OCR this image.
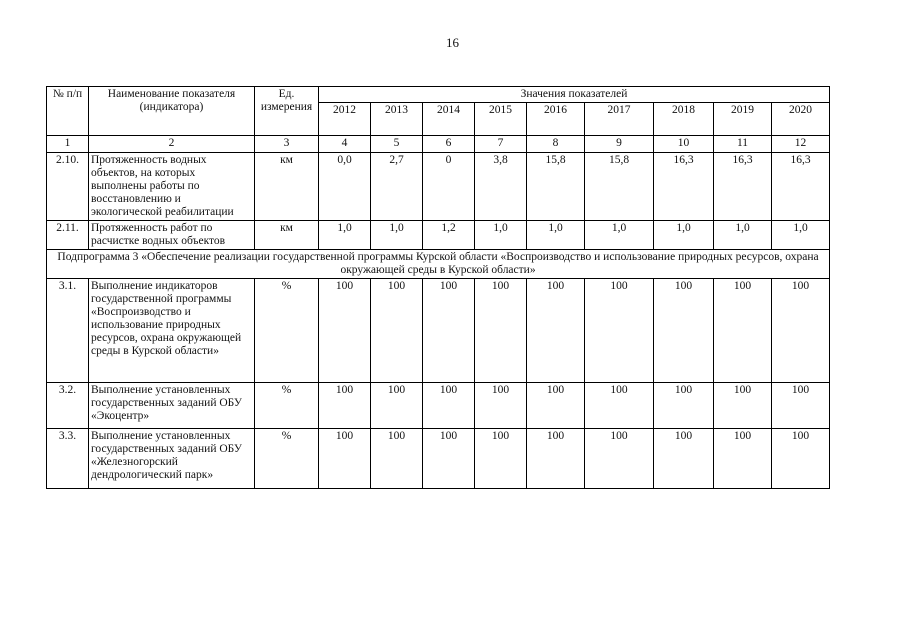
16
№ п/п	Наименование показателя (индикатора)	Ед. измерения	Значения показателей								
			2012	2013	2014	2015	2016	2017	2018	2019	2020
1	2	3	4	5	6	7	8	9	10	11	12
2.10.	Протяженность водных объектов, на которых выполнены работы по восстановлению и экологической реабилитации	км	0,0	2,7	0	3,8	15,8	15,8	16,3	16,3	16,3
2.11.	Протяженность работ по расчистке водных объектов	км	1,0	1,0	1,2	1,0	1,0	1,0	1,0	1,0	1,0
Подпрограмма 3 «Обеспечение реализации государственной программы Курской области «Воспроизводство и использование природных ресурсов, охрана окружающей среды в Курской области»											
3.1.	Выполнение индикаторов государственной программы «Воспроизводство и использование природных ресурсов, охрана окружающей среды в Курской области»	%	100	100	100	100	100	100	100	100	100
3.2.	Выполнение установленных государственных заданий ОБУ «Экоцентр»	%	100	100	100	100	100	100	100	100	100
3.3.	Выполнение установленных государственных заданий ОБУ «Железногорский дендрологический парк»	%	100	100	100	100	100	100	100	100	100
